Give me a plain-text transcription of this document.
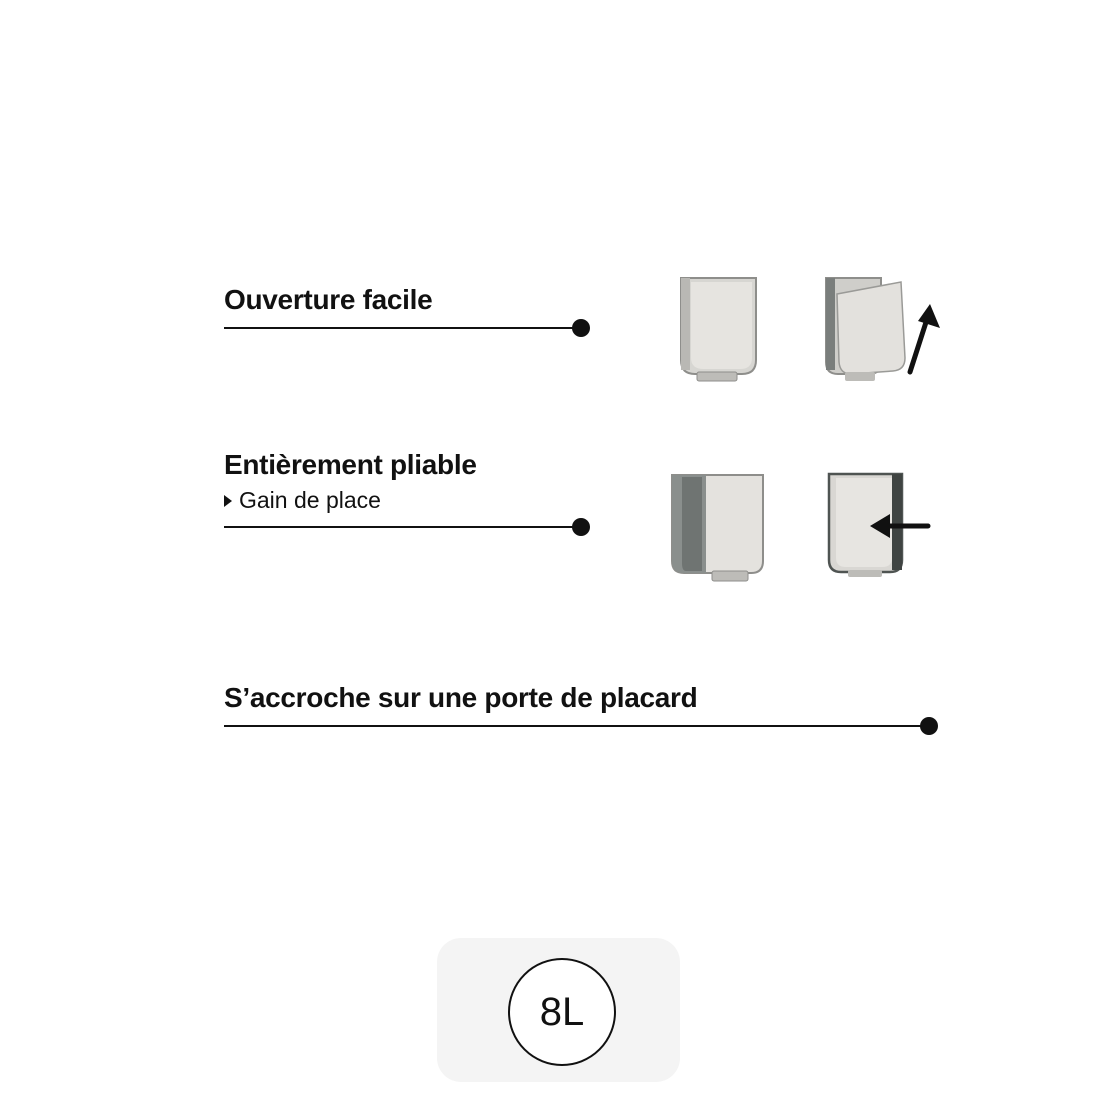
Ouverture facile
Entièrement pliable
Gain de place
S’accroche sur une porte de placard
8L
